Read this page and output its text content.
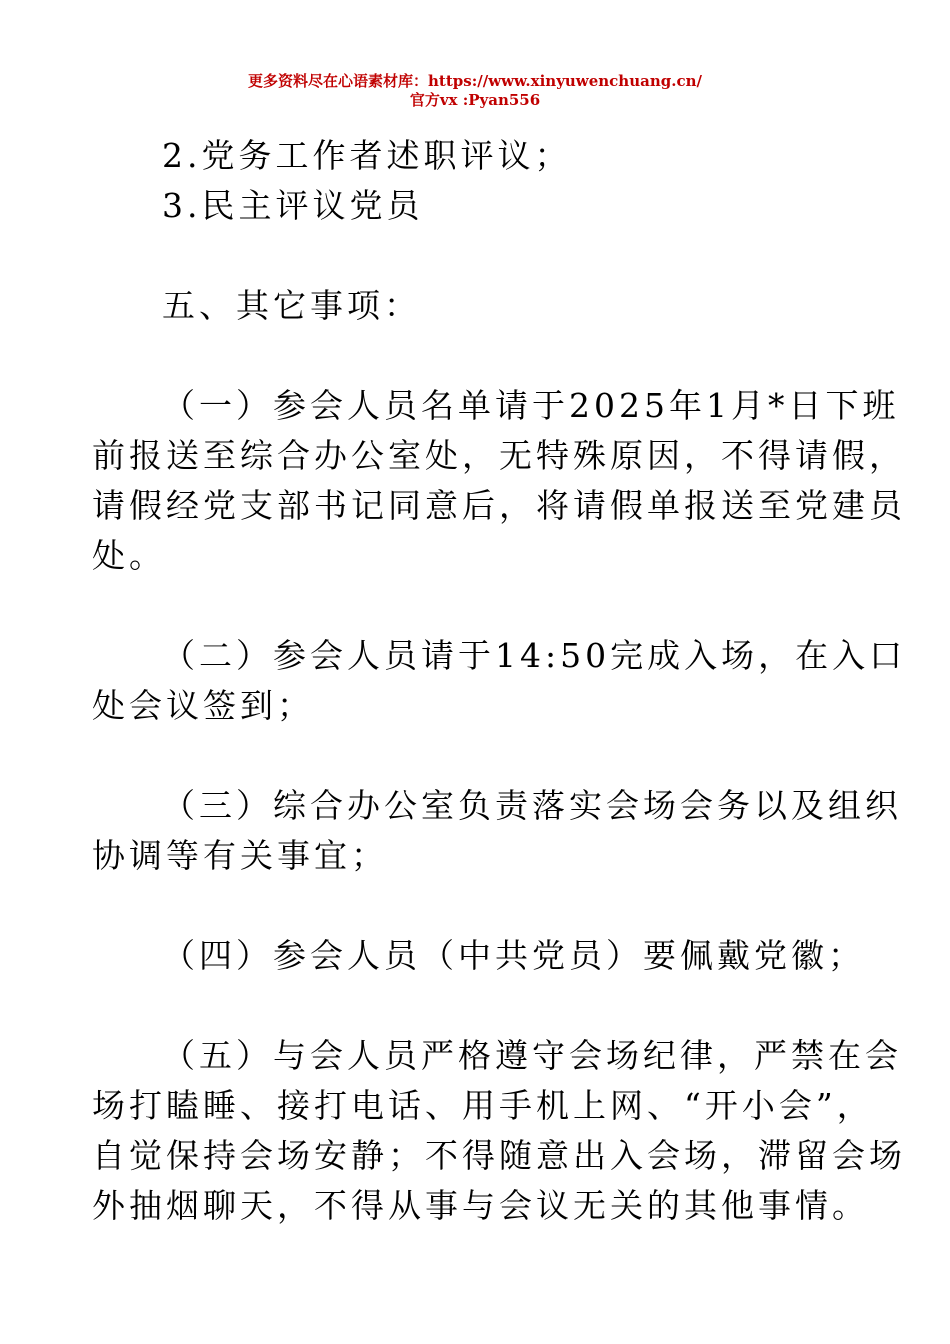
更多资料尽在心语素材库：https://www.xinyuwenchuang.cn/
官方vx :Pyan556
2.党务工作者述职评议；
3.民主评议党员
五、其它事项：
（一）参会人员名单请于2025年1月*日下班
前报送至综合办公室处，无特殊原因，不得请假，
请假经党支部书记同意后，将请假单报送至党建员
处。
（二）参会人员请于14:50完成入场，在入口
处会议签到；
（三）综合办公室负责落实会场会务以及组织
协调等有关事宜；
（四）参会人员（中共党员）要佩戴党徽；
（五）与会人员严格遵守会场纪律，严禁在会
场打瞌睡、接打电话、用手机上网、“开小会”，
自觉保持会场安静；不得随意出入会场，滞留会场
外抽烟聊天，不得从事与会议无关的其他事情。
